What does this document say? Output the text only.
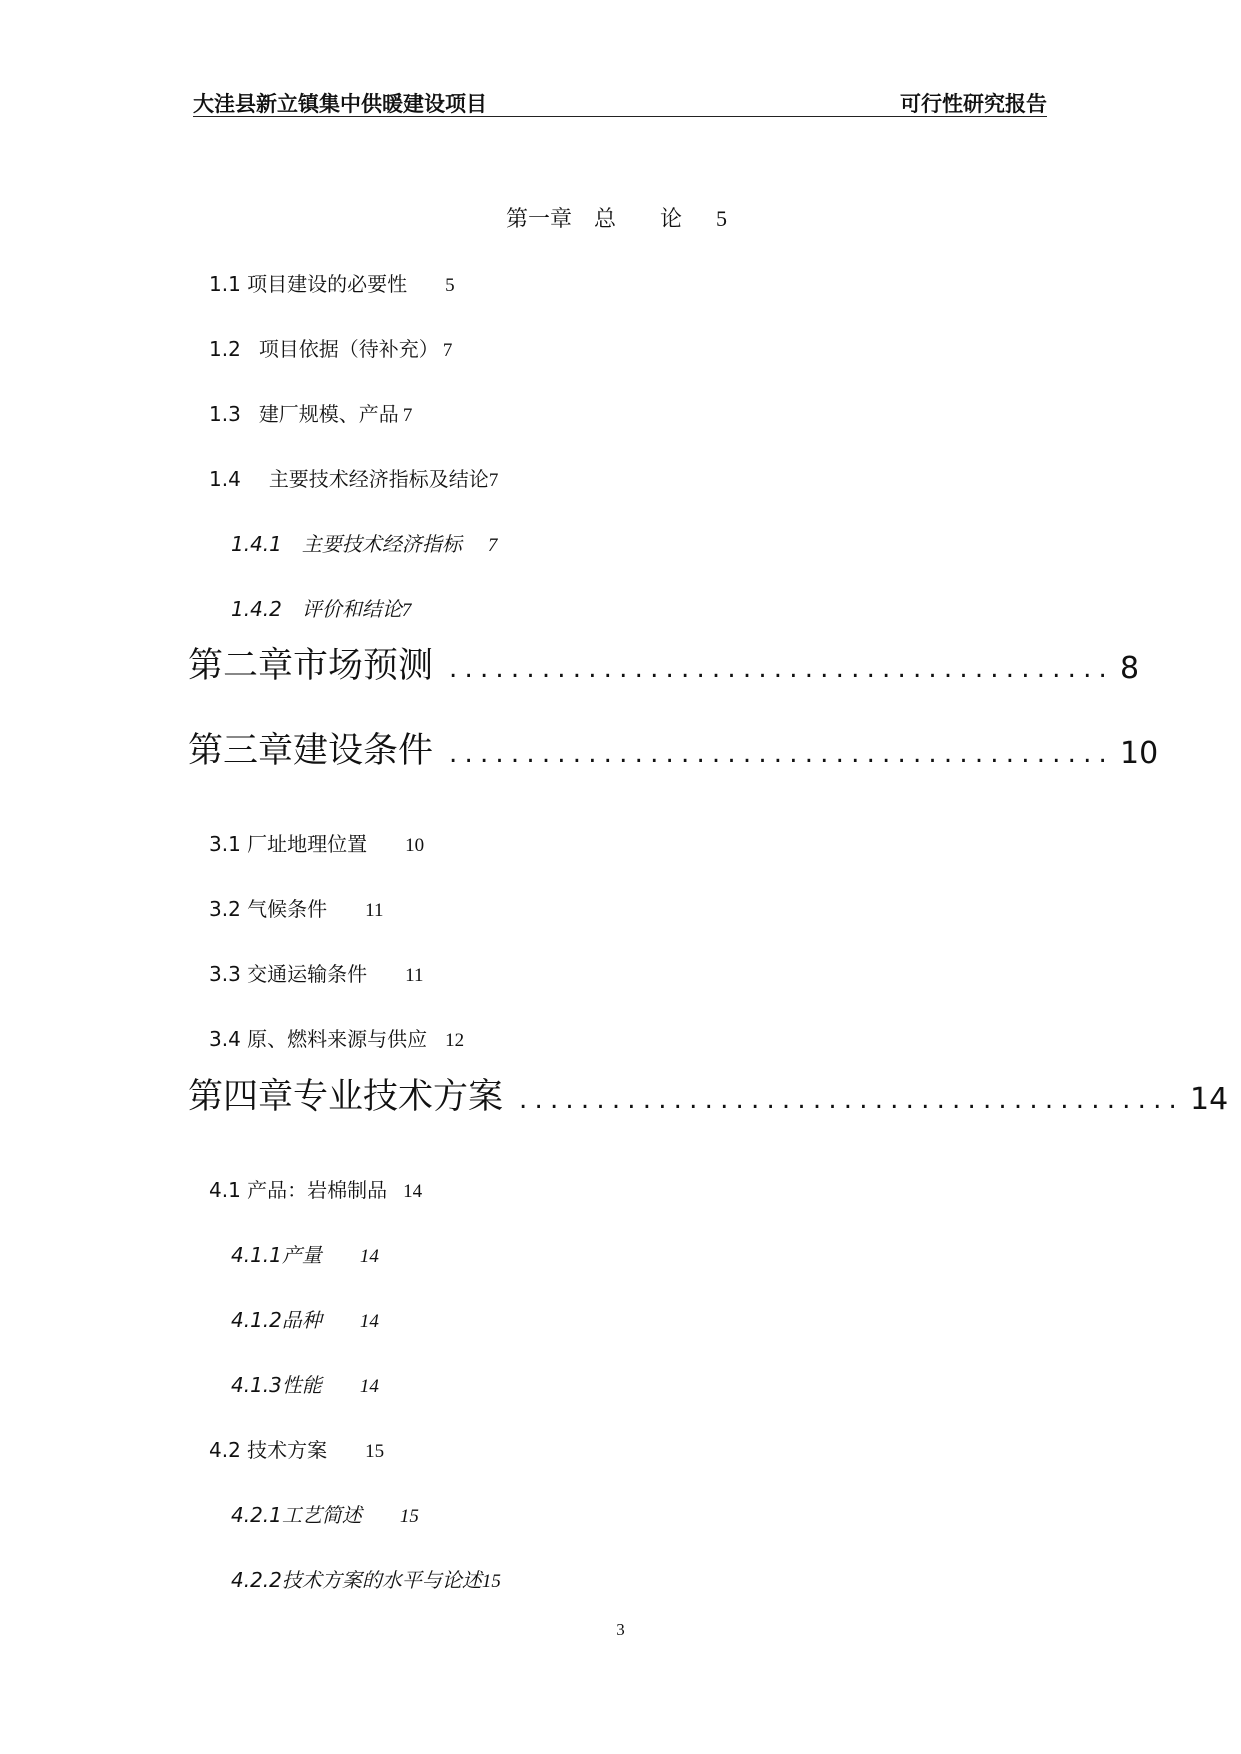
大洼县新立镇集中供暖建设项目	可行性研究报告
第一章 总 论 5
1.1 项目建设的必要性 5
1.2 项目依据（待补充） 7
1.3 建厂规模、产品 7
1.4 主要技术经济指标及结论7
1.4.1 主要技术经济指标 7
1.4.2 评价和结论7
第二章 市场预测 ........................................... 8
第三章 建设条件 ........................................... 10
3.1 厂址地理位置 10
3.2 气候条件 11
3.3 交通运输条件 11
3.4 原、燃料来源与供应 12
第四章 专业技术方案 ........................................... 14
4.1 产品：岩棉制品 14
4.1.1产量 14
4.1.2品种 14
4.1.3性能 14
4.2 技术方案 15
4.2.1工艺简述 15
4.2.2技术方案的水平与论述15
3
